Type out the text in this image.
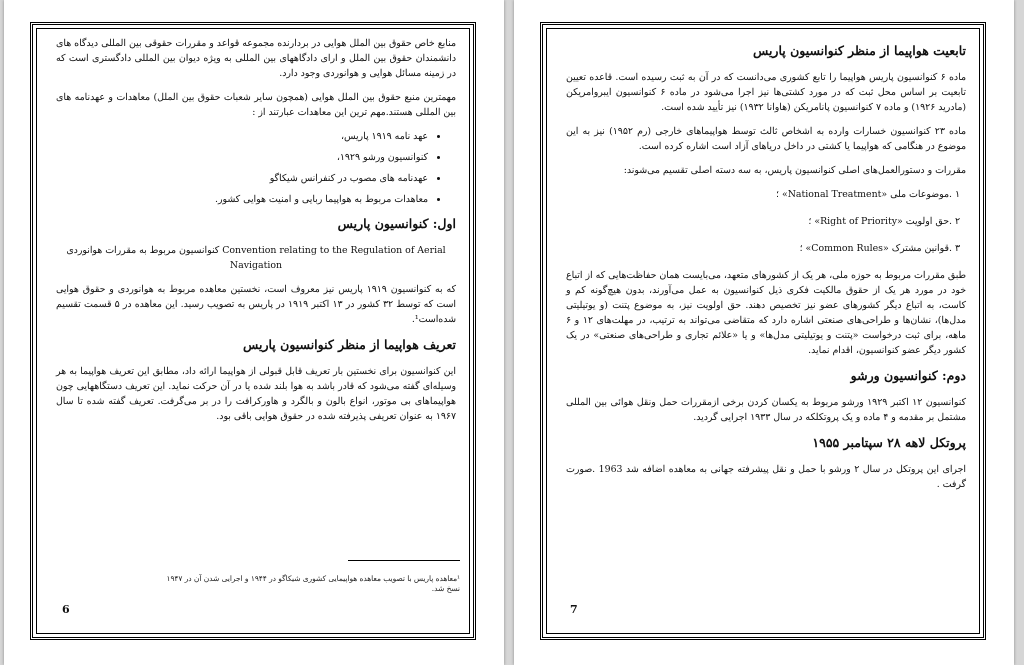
منابع خاص حقوق بین الملل هوایی در بردارنده مجموعه قواعد و مقررات حقوقی بین المللی دیدگاه های دانشمندان حقوق بین الملل و ارای دادگاههای بین المللی به ویژه دیوان بین المللی دادگستری است که در زمینه مسائل هوایی و هوانوردی وجود دارد.

مهمترین منبع حقوق بین الملل هوایی (همچون سایر شعبات حقوق بین الملل) معاهدات و عهدنامه های بین المللی هستند.مهم ترین این معاهدات عبارتند از :

• عهد نامه ۱۹۱۹ پاریس،
• کنوانسیون ورشو ۱۹۲۹،
• عهدنامه های مصوب در کنفرانس شیکاگو
• معاهدات مربوط به هواپیما ربایی و امنیت هوایی کشور.
اول: کنوانسیون پاریس

کنوانسیون مربوط به مقررات هوانوردی Convention relating to the Regulation of Aerial Navigation

که به کنوانسیون ۱۹۱۹ پاریس نیز معروف است، نخستین معاهده مربوط به هوانوردی و حقوق هوایی است که توسط ۳۲ کشور در ۱۳ اکتبر ۱۹۱۹ در پاریس به تصویب رسید. این معاهده در ۵ قسمت تقسیم شده‌است¹.

تعریف هواپیما از منظر کنوانسیون پاریس

این کنوانسیون برای نخستین بار تعریف قابل قبولی از هواپیما ارائه داد، مطابق این تعریف هواپیما به هر وسیله‌ای گفته می‌شود که قادر باشد به هوا بلند شده یا در آن حرکت نماید. این تعریف دستگاههایی چون هواپیماهای بی موتور، انواع بالون و بالگرد و هاورکرافت را در بر می‌گرفت. تعریف گفته شده تا سال ۱۹۶۷ به عنوان تعریفی پذیرفته شده در حقوق هوایی باقی بود.

¹معاهده پاریس با تصویب معاهده هواپیمایی کشوری شیکاگو در ۱۹۴۴ و اجرایی شدن آن در ۱۹۴۷ نسخ شد.
6
تابعیت هواپیما از منظر کنوانسیون پاریس

ماده ۶ کنوانسیون پاریس هواپیما را تابع کشوری می‌دانست که در آن به ثبت رسیده است. قاعده تعیین تابعیت بر اساس محل ثبت که در مورد کشتی‌ها نیز اجرا می‌شود در ماده ۶ کنوانسیون ایبروامریکن (مادرید ۱۹۲۶) و ماده ۷ کنوانسیون پانامریکن (هاوانا ۱۹۳۲) نیز تأیید شده است.

ماده ۲۳ کنوانسیون خسارات وارده به اشخاص ثالث توسط هواپیماهای خارجی (رم ۱۹۵۲) نیز به این موضوع در هنگامی که هواپیما یا کشتی در داخل دریاهای آزاد است اشاره کرده است.

مقررات و دستورالعمل‌های اصلی کنوانسیون پاریس، به سه دسته اصلی تقسیم می‌شوند:

۱ .موضوعات ملی «National Treatment» ؛
۲ .حق اولویت «Right of Priority» ؛
۳ .قوانین مشترک «Common Rules» ؛

طبق مقررات مربوط به حوزه ملی، هر یک از کشورهای متعهد، می‌بایست همان حفاظت‌هایی که از اتباع خود در مورد هر یک از حقوق مالکیت فکری ذیل کنوانسیون به عمل می‌آورند، بدون هیچ‌گونه کم و کاست، به اتباع دیگر کشورهای عضو نیز تخصیص دهند. حق اولویت نیز، به موضوع پتنت (و یوتیلیتی مدل‌ها)، نشان‌ها و طراحی‌های صنعتی اشاره دارد که متقاضی می‌تواند به ترتیب، در مهلت‌های ۱۲ و ۶ ماهه، برای ثبت درخواست «پتنت و یوتیلیتی مدل‌ها» و یا «علائم تجاری و طراحی‌های صنعتی» در یک کشور دیگر عضو کنوانسیون، اقدام نماید.

دوم: کنوانسیون ورشو

کنوانسیون ۱۲ اکتبر ۱۹۲۹ ورشو مربوط به یکسان کردن برخی ازمقررات حمل ونقل هوائی بین المللی مشتمل بر مقدمه و ۴ ماده و یک پروتکلکه در سال ۱۹۳۳ اجرایی گردید.

پروتکل لاهه ۲۸ سپتامبر ۱۹۵۵

اجرای این پروتکل در سال ۲ ورشو با حمل و نقل پیشرفته جهانی به معاهده اضافه شد 1963 .صورت گرفت .

7
